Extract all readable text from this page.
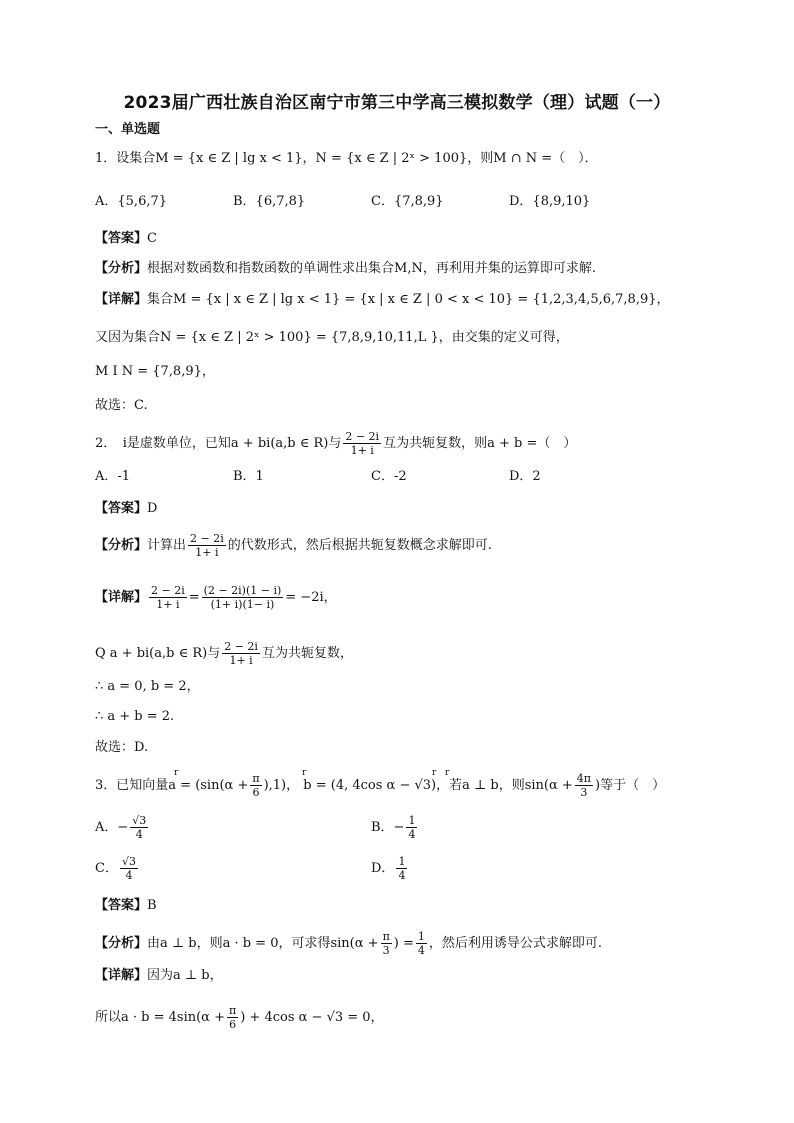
2023届广西壮族自治区南宁市第三中学高三模拟数学（理）试题（一）
一、单选题
1．设集合M = {x ∈ Z | lg x < 1}，N = {x ∈ Z | 2ˣ > 100}，则M ∩ N =（　）．
A．{5,6,7}	B．{6,7,8}	C．{7,8,9}	D．{8,9,10}
【答案】C
【分析】根据对数函数和指数函数的单调性求出集合M,N，再利用并集的运算即可求解.
【详解】集合M = {x | x ∈ Z | lg x < 1} = {x | x ∈ Z | 0 < x < 10} = {1,2,3,4,5,6,7,8,9}，
又因为集合N = {x ∈ Z | 2ˣ > 100} = {7,8,9,10,11,L }，由交集的定义可得，
M I N = {7,8,9}，
故选：C.
2．　i是虚数单位，已知a + bi(a,b ∈ R)与 $\frac{2 - 2i}{1+ i}$ 互为共轭复数，则a + b =（　）
A．-1	B．1	C．-2	D．2
【答案】D
【分析】计算出 $\frac{2 - 2i}{1+ i}$ 的代数形式，然后根据共轭复数概念求解即可.
【详解】 $\frac{2 - 2i}{1+ i} = \frac{(2 - 2i)(1 - i)}{(1+ i)(1- i)} = -2i$，
Q a + bi(a,b ∈ R)与 $\frac{2 - 2i}{1+ i}$ 互为共轭复数，
∴ a = 0, b = 2，
∴ a + b = 2.
故选：D.
3．已知向量$a = (\sin(\alpha + \frac{\pi}{6} ),1)$， b = (4, 4cos α − √3)，若a ⊥ b，则$\sin(\alpha + \frac{4\pi}{3}$ )等于（　）
A．− $\frac{√3}{4}$	B．− $\frac{1}{4}$
C． $\frac{√3}{4}$	D． $\frac{1}{4}$
【答案】B
【分析】由a ⊥ b，则a · b = 0，可求得$\sin(\alpha + \frac{\pi}{3}$ ) = $\frac{1}{4}$ ，然后利用诱导公式求解即可.
【详解】因为a ⊥ b，
所以$a \cdot b = 4\sin(\alpha + \frac{\pi}{6}$ ) + 4cos α − √3 = 0，
r	r	r   r
